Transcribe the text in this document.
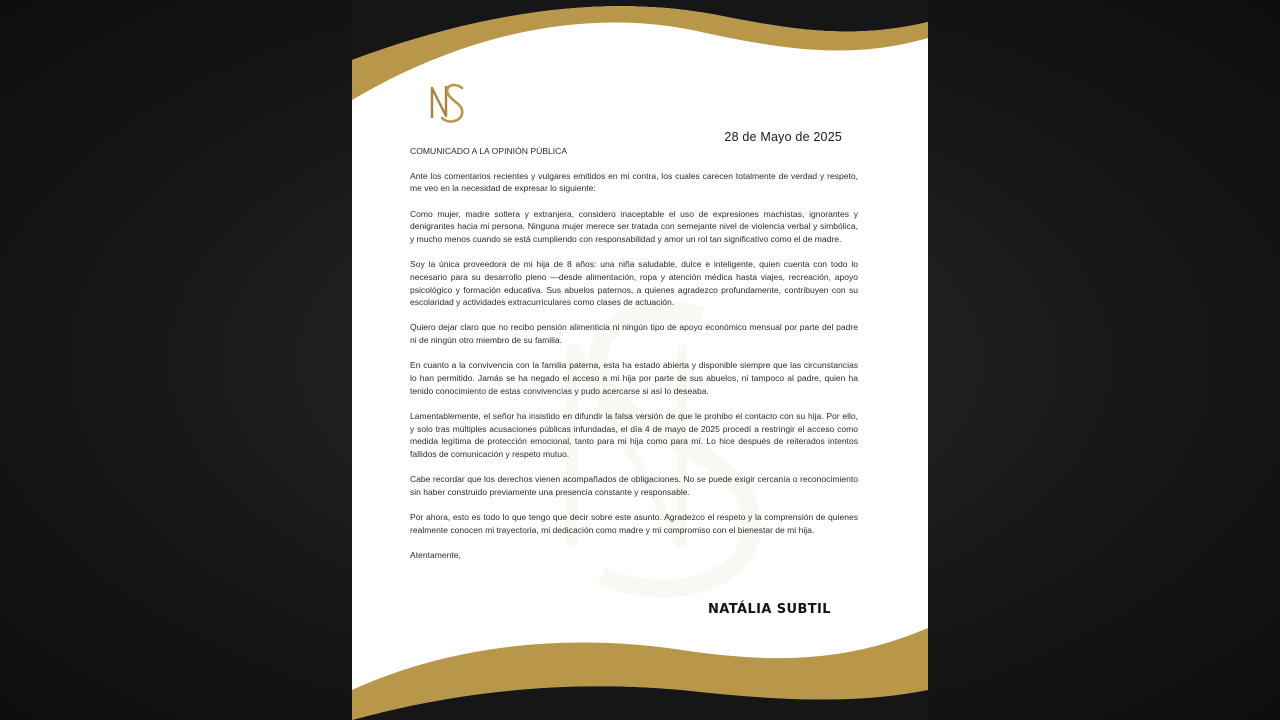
28 de Mayo de 2025

COMUNICADO A LA OPINIÓN PÚBLICA

Ante los comentarios recientes y vulgares emitidos en mi contra, los cuales carecen totalmente de verdad y respeto, me veo en la necesidad de expresar lo siguiente:

Como mujer, madre soltera y extranjera, considero inaceptable el uso de expresiones machistas, ignorantes y denigrantes hacia mi persona. Ninguna mujer merece ser tratada con semejante nivel de violencia verbal y simbólica, y mucho menos cuando se está cumpliendo con responsabilidad y amor un rol tan significativo como el de madre.

Soy la única proveedora de mi hija de 8 años: una niña saludable, dulce e inteligente, quien cuenta con todo lo necesario para su desarrollo pleno —desde alimentación, ropa y atención médica hasta viajes, recreación, apoyo psicológico y formación educativa. Sus abuelos paternos, a quienes agradezco profundamente, contribuyen con su escolaridad y actividades extracurriculares como clases de actuación.

Quiero dejar claro que no recibo pensión alimenticia ni ningún tipo de apoyo económico mensual por parte del padre ni de ningún otro miembro de su familia.

En cuanto a la convivencia con la familia paterna, esta ha estado abierta y disponible siempre que las circunstancias lo han permitido. Jamás se ha negado el acceso a mi hija por parte de sus abuelos, ni tampoco al padre, quien ha tenido conocimiento de estas convivencias y pudo acercarse si así lo deseaba.

Lamentablemente, el señor ha insistido en difundir la falsa versión de que le prohibo el contacto con su hija. Por ello, y solo tras múltiples acusaciones públicas infundadas, el día 4 de mayo de 2025 procedí a restringir el acceso como medida legítima de protección emocional, tanto para mi hija como para mí. Lo hice después de reiterados intentos fallidos de comunicación y respeto mutuo.

Cabe recordar que los derechos vienen acompañados de obligaciones. No se puede exigir cercanía o reconocimiento sin haber construido previamente una presencia constante y responsable.

Por ahora, esto es todo lo que tengo que decir sobre este asunto. Agradezco el respeto y la comprensión de quienes realmente conocen mi trayectoria, mi dedicación como madre y mi compromiso con el bienestar de mi hija.

Atentamente,

NATÁLIA SUBTIL
